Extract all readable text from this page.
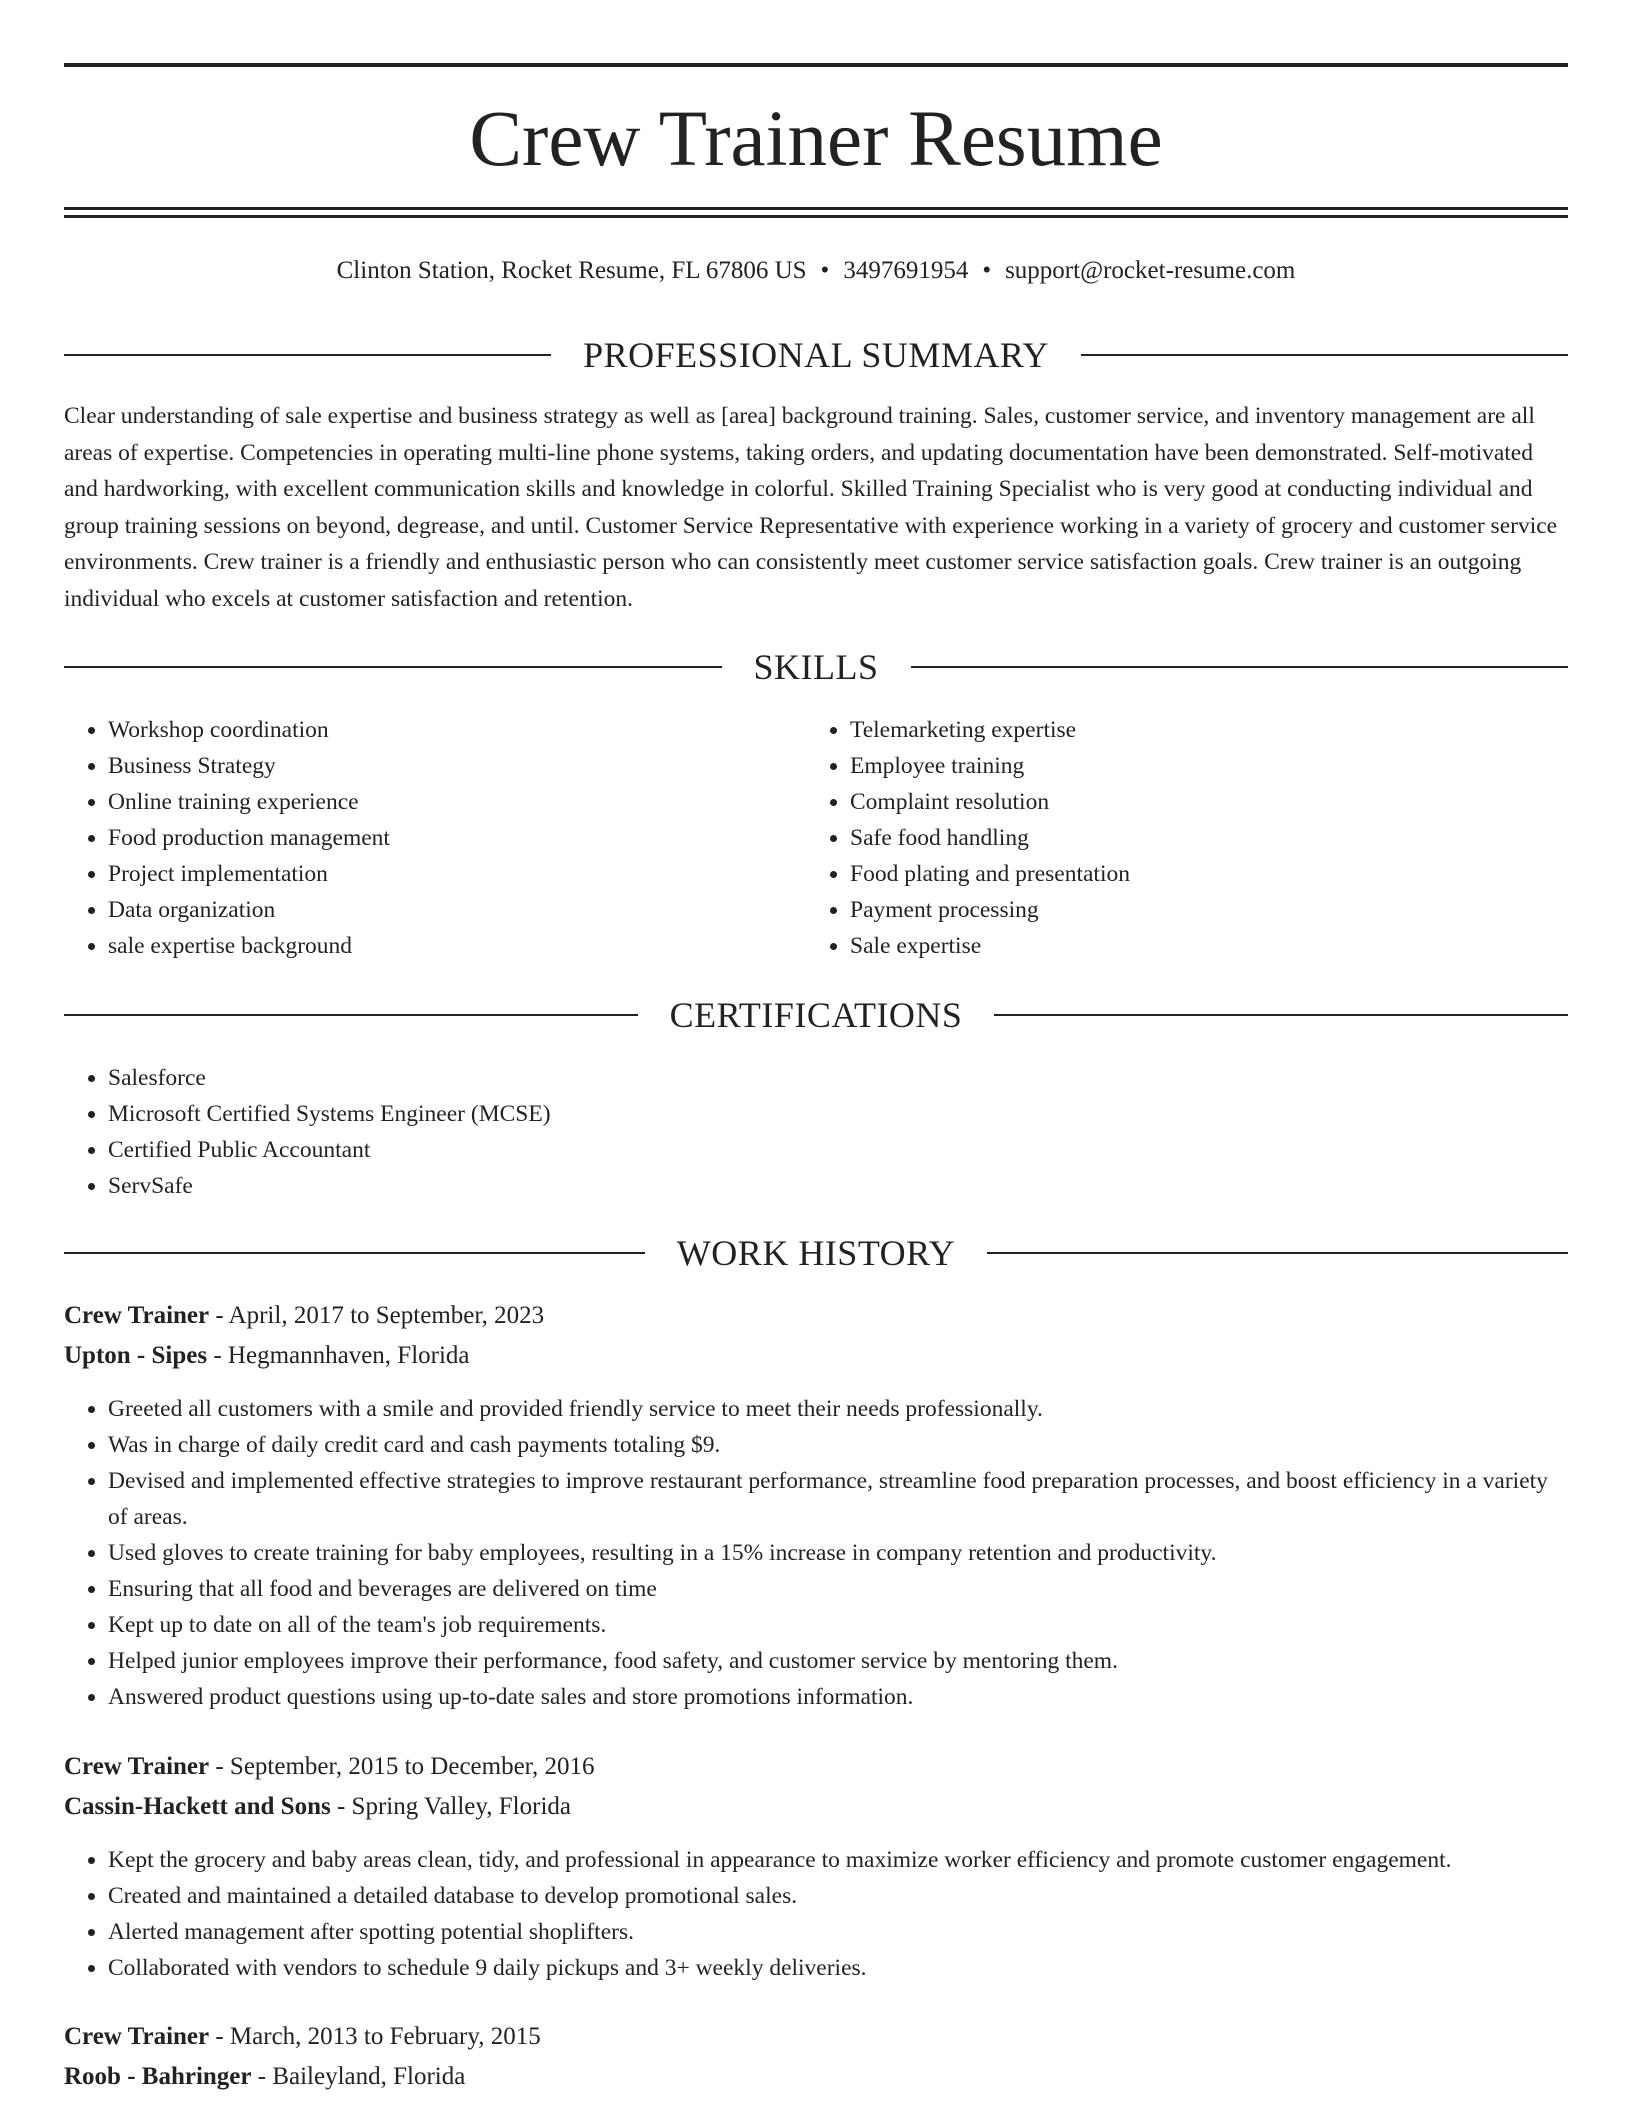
Crew Trainer Resume
Clinton Station, Rocket Resume, FL 67806 US • 3497691954 • support@rocket-resume.com
PROFESSIONAL SUMMARY

Clear understanding of sale expertise and business strategy as well as [area] background training. Sales, customer service, and inventory management are all areas of expertise. Competencies in operating multi-line phone systems, taking orders, and updating documentation have been demonstrated. Self-motivated and hardworking, with excellent communication skills and knowledge in colorful. Skilled Training Specialist who is very good at conducting individual and group training sessions on beyond, degrease, and until. Customer Service Representative with experience working in a variety of grocery and customer service environments. Crew trainer is a friendly and enthusiastic person who can consistently meet customer service satisfaction goals. Crew trainer is an outgoing individual who excels at customer satisfaction and retention.

SKILLS
• Workshop coordination
• Business Strategy
• Online training experience
• Food production management
• Project implementation
• Data organization
• sale expertise background
• Telemarketing expertise
• Employee training
• Complaint resolution
• Safe food handling
• Food plating and presentation
• Payment processing
• Sale expertise
CERTIFICATIONS
• Salesforce
• Microsoft Certified Systems Engineer (MCSE)
• Certified Public Accountant
• ServSafe
WORK HISTORY
Crew Trainer - April, 2017 to September, 2023
Upton - Sipes - Hegmannhaven, Florida
• Greeted all customers with a smile and provided friendly service to meet their needs professionally.
• Was in charge of daily credit card and cash payments totaling $9.
• Devised and implemented effective strategies to improve restaurant performance, streamline food preparation processes, and boost efficiency in a variety of areas.
• Used gloves to create training for baby employees, resulting in a 15% increase in company retention and productivity.
• Ensuring that all food and beverages are delivered on time
• Kept up to date on all of the team's job requirements.
• Helped junior employees improve their performance, food safety, and customer service by mentoring them.
• Answered product questions using up-to-date sales and store promotions information.
Crew Trainer - September, 2015 to December, 2016
Cassin-Hackett and Sons - Spring Valley, Florida
• Kept the grocery and baby areas clean, tidy, and professional in appearance to maximize worker efficiency and promote customer engagement.
• Created and maintained a detailed database to develop promotional sales.
• Alerted management after spotting potential shoplifters.
• Collaborated with vendors to schedule 9 daily pickups and 3+ weekly deliveries.
Crew Trainer - March, 2013 to February, 2015
Roob - Bahringer - Baileyland, Florida
